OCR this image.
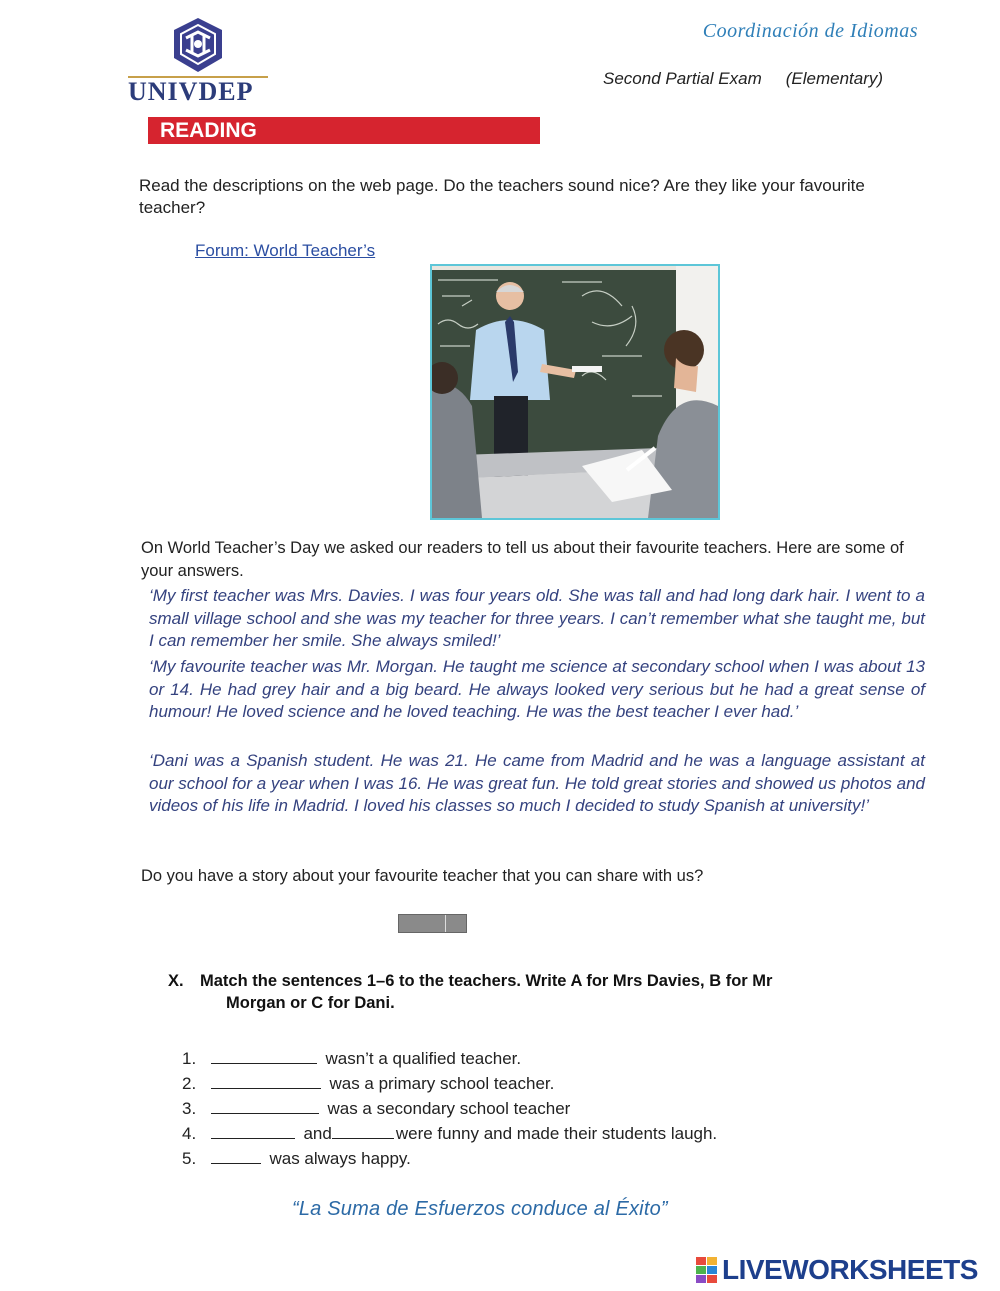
UNIVDEP
Coordinación de Idiomas
Second Partial Exam (Elementary)
READING
Read the descriptions on the web page. Do the teachers sound nice? Are they like your favourite teacher?
Forum: World Teacher’s
On World Teacher’s Day we asked our readers to tell us about their favourite teachers. Here are some of your answers.
‘My first teacher was Mrs. Davies. I was four years old. She was tall and had long dark hair. I went to a small village school and she was my teacher for three years. I can’t remember what she taught me, but I can remember her smile. She always smiled!’
‘My favourite teacher was Mr. Morgan. He taught me science at secondary school when I was about 13 or 14. He had grey hair and a big beard. He always looked very serious but he had a great sense of humour! He loved science and he loved teaching. He was the best teacher I ever had.’
‘Dani was a Spanish student. He was 21. He came from Madrid and he was a language assistant at our school for a year when I was 16. He was great fun. He told great stories and showed us photos and videos of his life in Madrid. I loved his classes so much I decided to study Spanish at university!’
Do you have a story about your favourite teacher that you can share with us?
X. Match the sentences 1–6 to the teachers. Write A for Mrs Davies, B for Mr
Morgan or C for Dani.
1.	wasn’t a qualified teacher.
2.	was a primary school teacher.
3.	was a secondary school teacher
4.	and	were funny and made their students laugh.
5.	was always happy.
“La Suma de Esfuerzos conduce al Éxito”
LIVEWORKSHEETS
